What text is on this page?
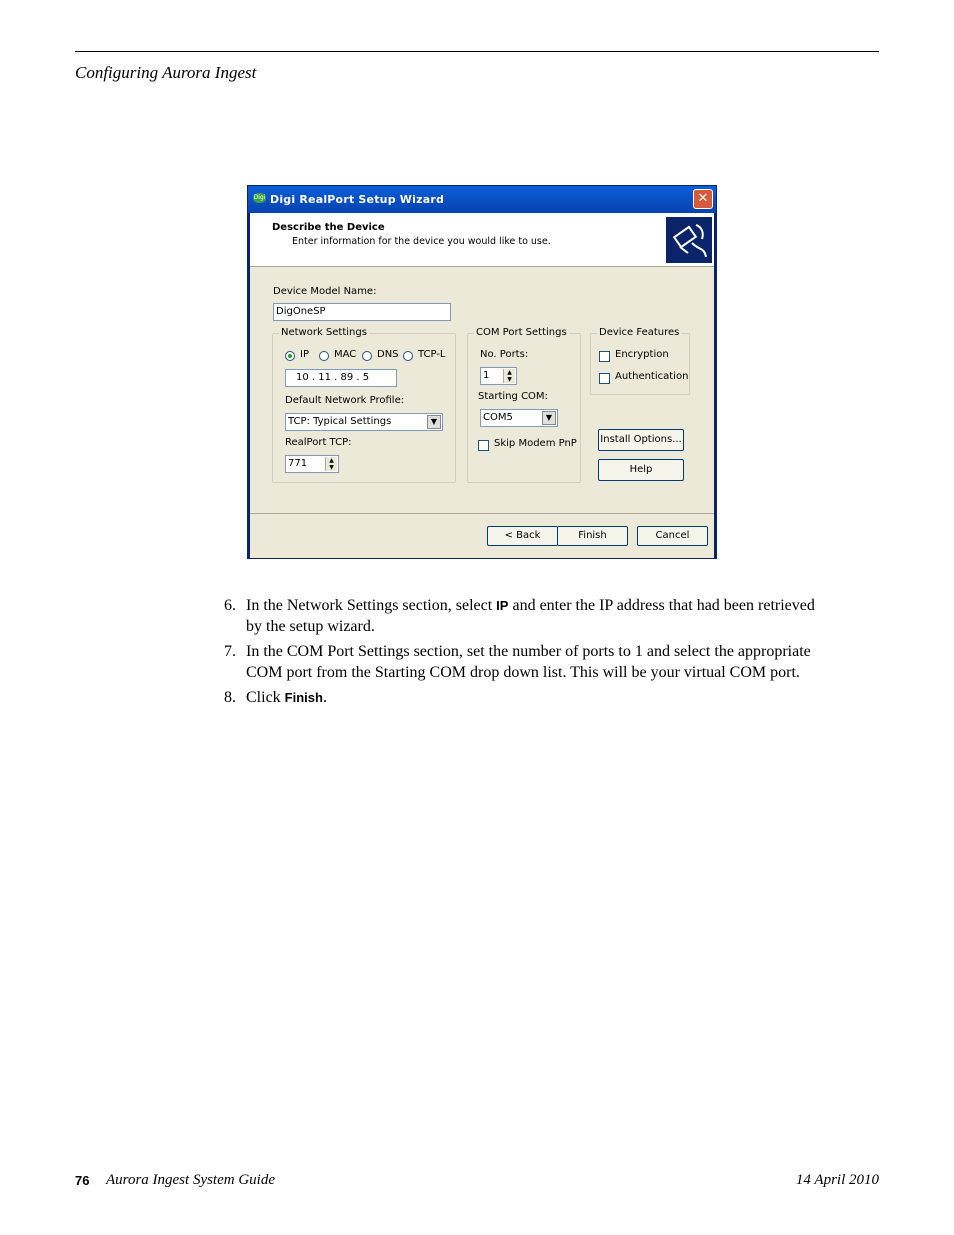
Configuring Aurora Ingest
Digi Digi RealPort Setup Wizard	✕
Describe the Device
Enter information for the device you would like to use.
Device Model Name:
DigOneSP
Network Settings
IP	MAC DNS TCP-L
10 . 11 . 89 . 5
Default Network Profile:
TCP: Typical Settings	▼
RealPort TCP:
771	▲
▼
COM Port Settings
No. Ports:
1	▲
▼
Starting COM:
COM5	▼
Skip Modem PnP
Device Features
Encryption
Authentication
Install Options...
Help
< Back	Finish	Cancel
6. In the Network Settings section, select IP and enter the IP address that had been retrieved by the setup wizard.
7. In the COM Port Settings section, set the number of ports to 1 and select the appropriate COM port from the Starting COM drop down list. This will be your virtual COM port.
8. Click Finish.
76 Aurora Ingest System Guide	14 April 2010
